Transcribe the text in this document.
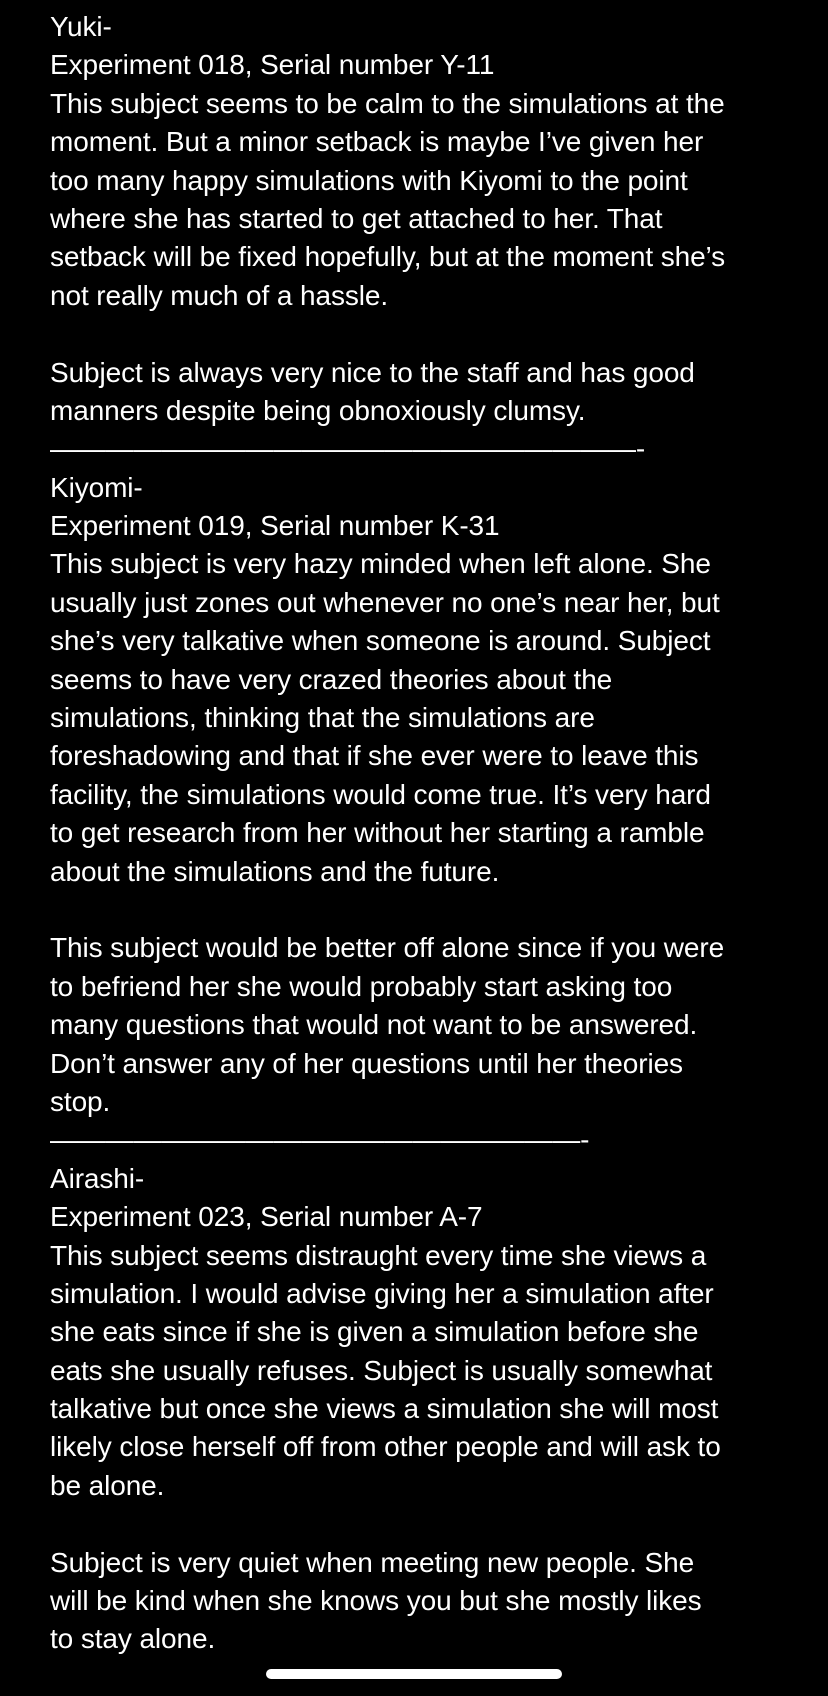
Yuki-
Experiment 018, Serial number Y-11
This subject seems to be calm to the simulations at the
moment. But a minor setback is maybe I’ve given her
too many happy simulations with Kiyomi to the point
where she has started to get attached to her. That
setback will be fixed hopefully, but at the moment she’s
not really much of a hassle.
Subject is always very nice to the staff and has good
manners despite being obnoxiously clumsy.
—————————————————————-
Kiyomi-
Experiment 019, Serial number K-31
This subject is very hazy minded when left alone. She
usually just zones out whenever no one’s near her, but
she’s very talkative when someone is around. Subject
seems to have very crazed theories about the
simulations, thinking that the simulations are
foreshadowing and that if she ever were to leave this
facility, the simulations would come true. It’s very hard
to get research from her without her starting a ramble
about the simulations and the future.
This subject would be better off alone since if you were
to befriend her she would probably start asking too
many questions that would not want to be answered.
Don’t answer any of her questions until her theories
stop.
———————————————————-
Airashi-
Experiment 023, Serial number A-7
This subject seems distraught every time she views a
simulation. I would advise giving her a simulation after
she eats since if she is given a simulation before she
eats she usually refuses. Subject is usually somewhat
talkative but once she views a simulation she will most
likely close herself off from other people and will ask to
be alone.
Subject is very quiet when meeting new people. She
will be kind when she knows you but she mostly likes
to stay alone.
